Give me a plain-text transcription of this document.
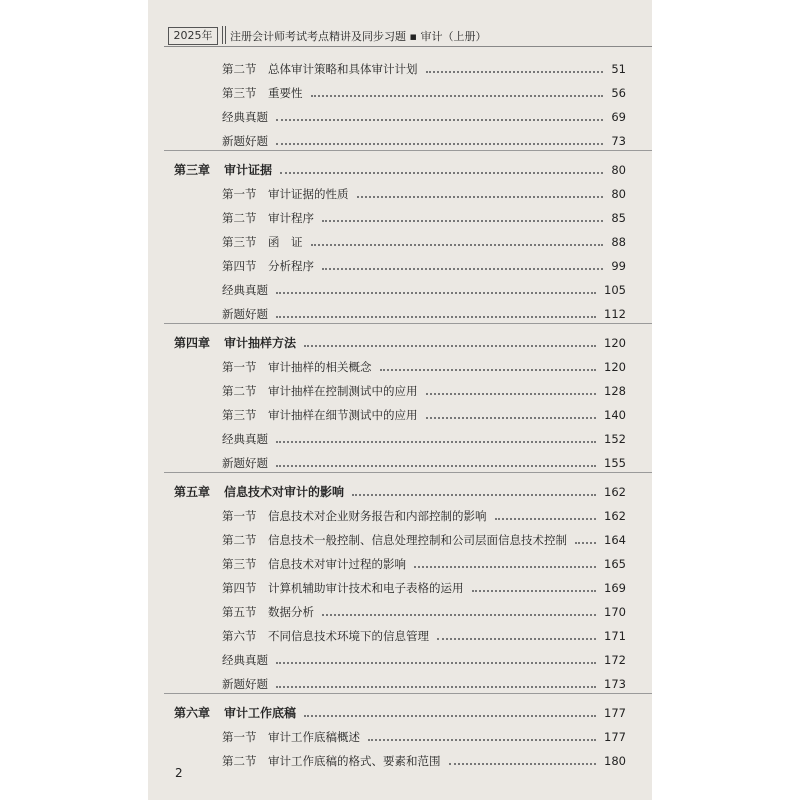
2025年	注册会计师考试考点精讲及同步习题 ▪ 审计（上册）
第二节 总体审计策略和具体审计计划	51
第三节 重要性	56
经典真题	69
新题好题	73
第三章 审计证据	80
第一节 审计证据的性质	80
第二节 审计程序	85
第三节 函　证	88
第四节 分析程序	99
经典真题	105
新题好题	112
第四章 审计抽样方法	120
第一节 审计抽样的相关概念	120
第二节 审计抽样在控制测试中的应用	128
第三节 审计抽样在细节测试中的应用	140
经典真题	152
新题好题	155
第五章 信息技术对审计的影响	162
第一节 信息技术对企业财务报告和内部控制的影响	162
第二节 信息技术一般控制、信息处理控制和公司层面信息技术控制	164
第三节 信息技术对审计过程的影响	165
第四节 计算机辅助审计技术和电子表格的运用	169
第五节 数据分析	170
第六节 不同信息技术环境下的信息管理	171
经典真题	172
新题好题	173
第六章 审计工作底稿	177
第一节 审计工作底稿概述	177
第二节 审计工作底稿的格式、要素和范围	180
2
